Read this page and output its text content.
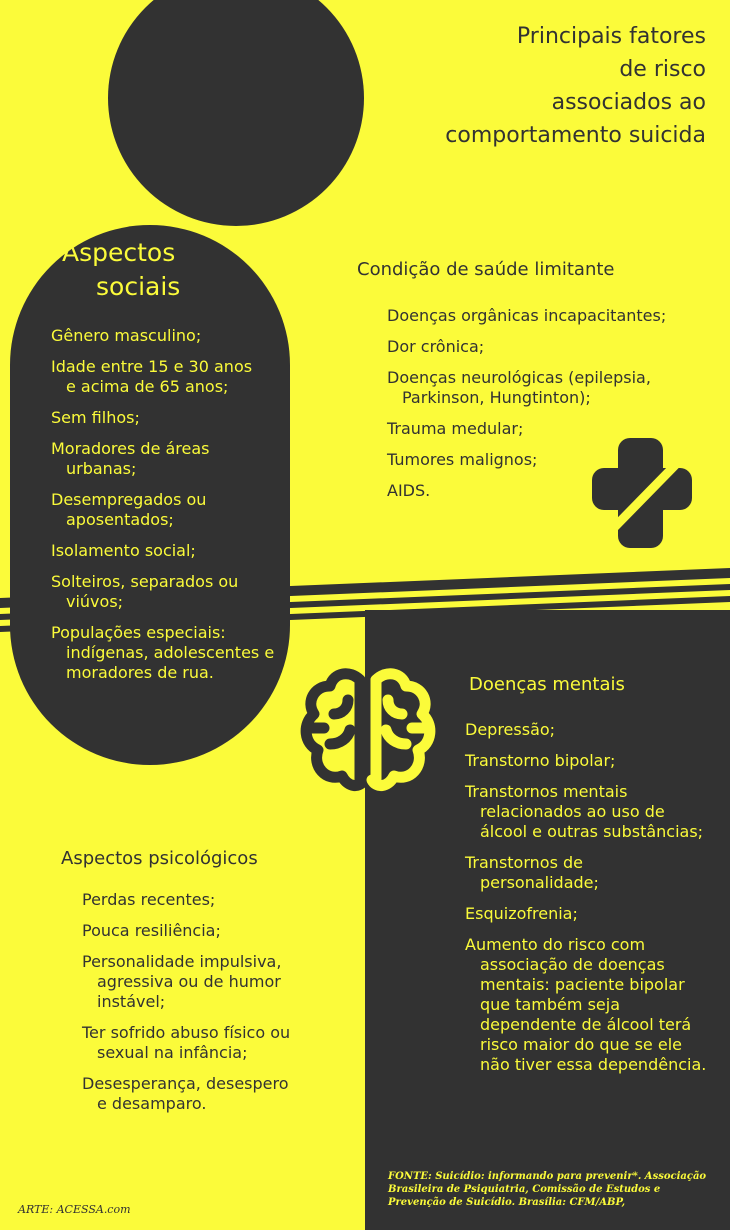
Principais fatores
de risco
associados ao
comportamento suicida
Aspectos
sociais
Gênero masculino;
Idade entre 15 e 30 anos
e acima de 65 anos;
Sem filhos;
Moradores de áreas
urbanas;
Desempregados ou
aposentados;
Isolamento social;
Solteiros, separados ou
viúvos;
Populações especiais:
indígenas, adolescentes e moradores de rua.
Condição de saúde limitante
Doenças orgânicas incapacitantes;
Dor crônica;
Doenças neurológicas (epilepsia,
Parkinson, Hungtinton);
Trauma medular;
Tumores malignos;
AIDS.
Doenças mentais
Depressão;
Transtorno bipolar;
Transtornos mentais
relacionados ao uso de álcool e outras substâncias;
Transtornos de
personalidade;
Esquizofrenia;
Aumento do risco com
associação de doenças mentais: paciente bipolar que também seja dependente de álcool terá risco maior do que se ele não tiver essa dependência.
Aspectos psicológicos
Perdas recentes;
Pouca resiliência;
Personalidade impulsiva,
agressiva ou de humor instável;
Ter sofrido abuso físico ou
sexual na infância;
Desesperança, desespero
e desamparo.
FONTE: Suicídio: informando para prevenir*. Associação Brasileira de Psiquiatria, Comissão de Estudos e Prevenção de Suicídio. Brasília: CFM/ABP,
ARTE: ACESSA.com
